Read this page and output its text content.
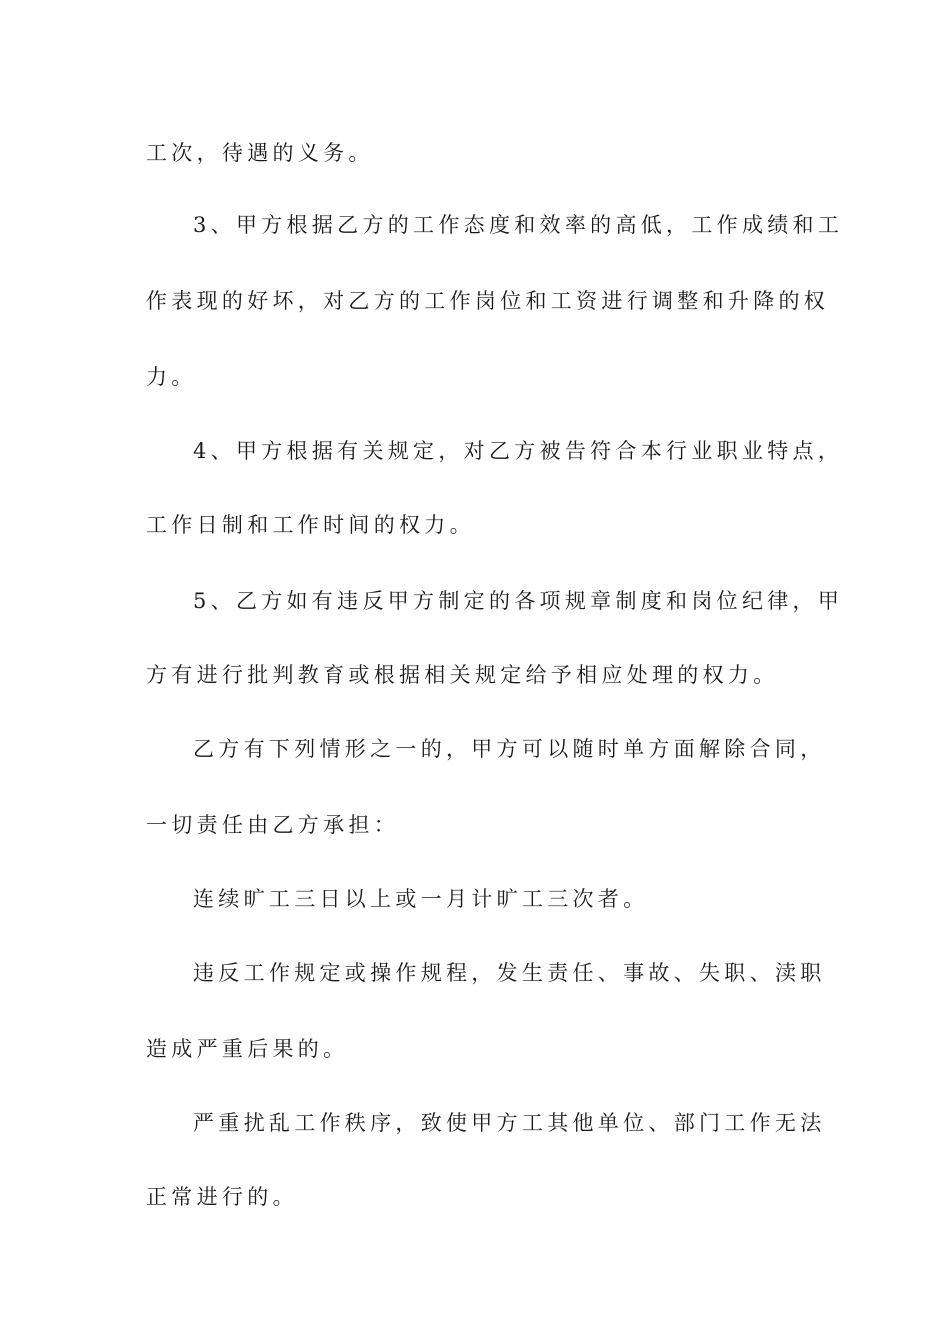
工次，待遇的义务。
3、甲方根据乙方的工作态度和效率的高低，工作成绩和工
作表现的好坏，对乙方的工作岗位和工资进行调整和升降的权
力。
4、甲方根据有关规定，对乙方被告符合本行业职业特点，
工作日制和工作时间的权力。
5、乙方如有违反甲方制定的各项规章制度和岗位纪律，甲
方有进行批判教育或根据相关规定给予相应处理的权力。
乙方有下列情形之一的，甲方可以随时单方面解除合同，
一切责任由乙方承担：
连续旷工三日以上或一月计旷工三次者。
违反工作规定或操作规程，发生责任、事故、失职、渎职
造成严重后果的。
严重扰乱工作秩序，致使甲方工其他单位、部门工作无法
正常进行的。
